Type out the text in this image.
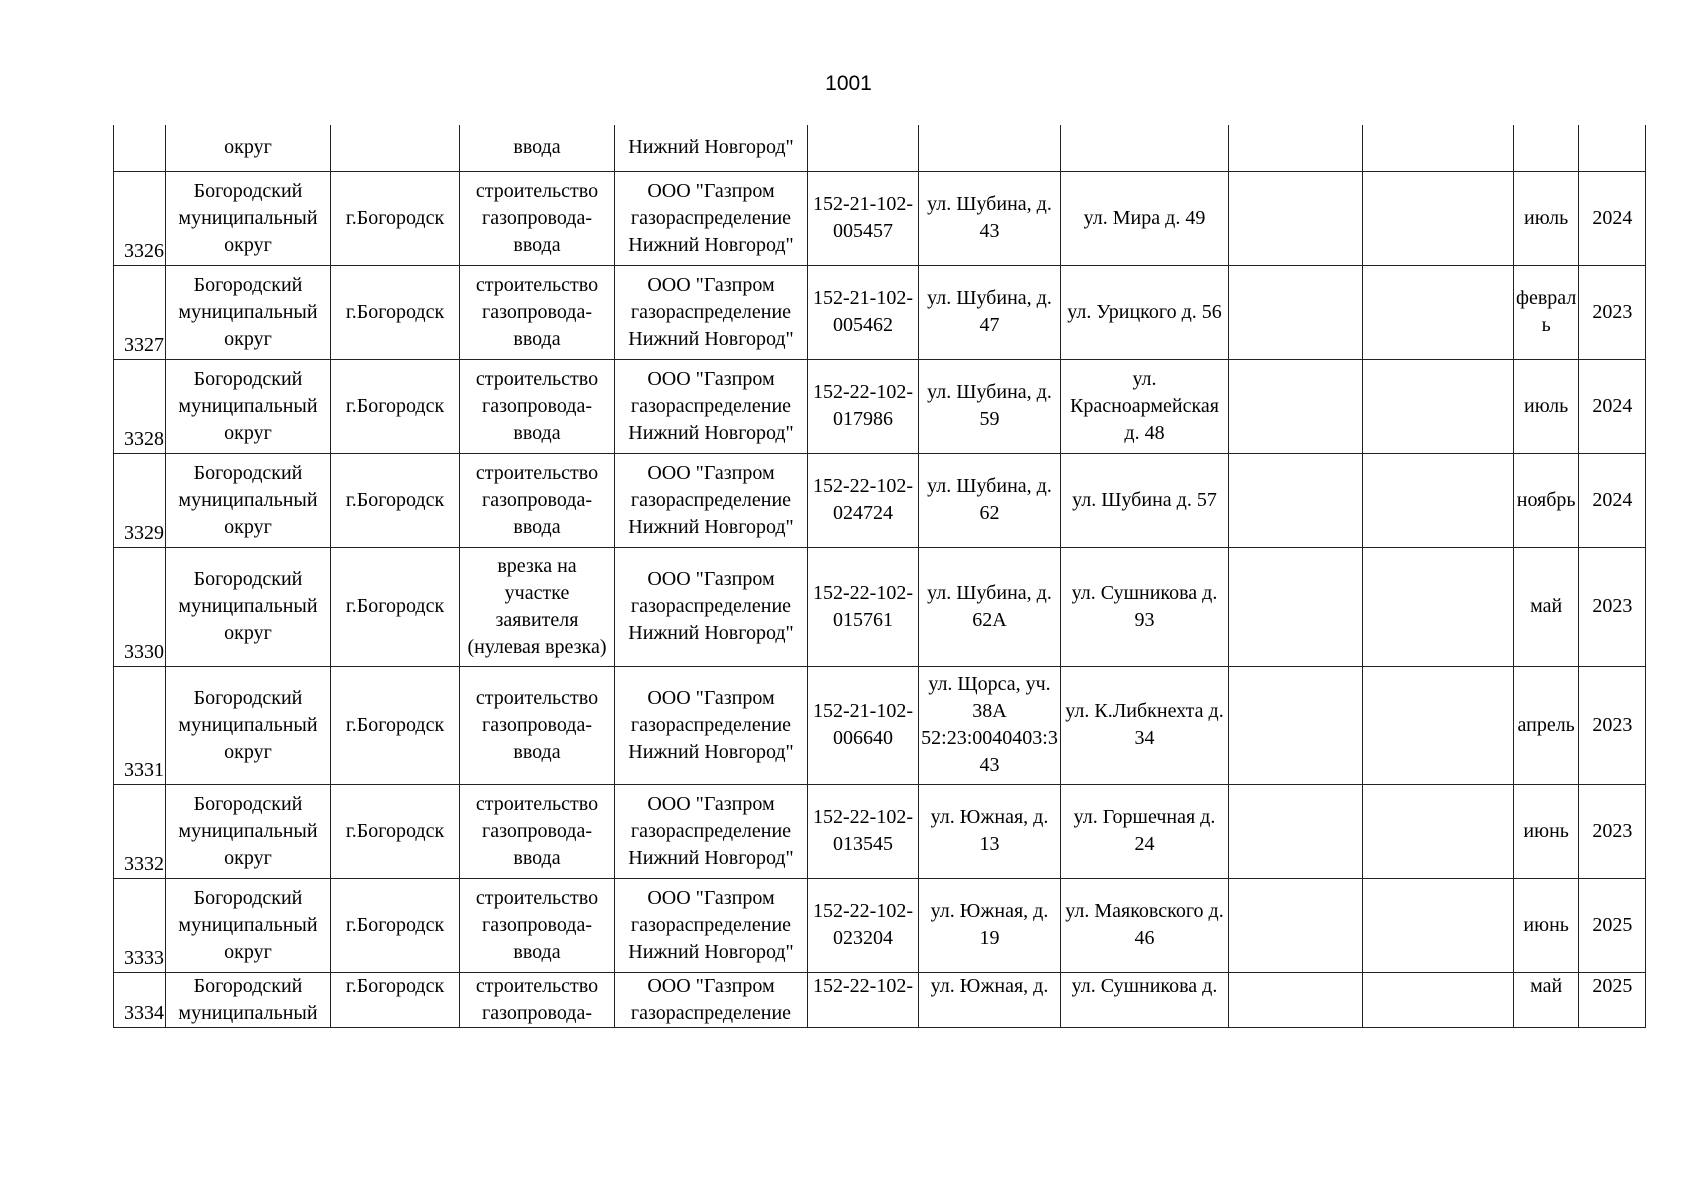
1001

	округ		ввода	Нижний Новгород"							

3326	Богородский
муниципальный
округ	г.Богородск	строительство
газопровода-
ввода	ООО "Газпром
газораспределение
Нижний Новгород"	152-21-102-
005457	ул. Шубина, д.
43	ул. Мира д. 49			июль	2024
3327	Богородский
муниципальный
округ	г.Богородск	строительство
газопровода-
ввода	ООО "Газпром
газораспределение
Нижний Новгород"	152-21-102-
005462	ул. Шубина, д.
47	ул. Урицкого д. 56			феврал
ь	2023
3328	Богородский
муниципальный
округ	г.Богородск	строительство
газопровода-
ввода	ООО "Газпром
газораспределение
Нижний Новгород"	152-22-102-
017986	ул. Шубина, д.
59	ул.
Красноармейская
д. 48			июль	2024
3329	Богородский
муниципальный
округ	г.Богородск	строительство
газопровода-
ввода	ООО "Газпром
газораспределение
Нижний Новгород"	152-22-102-
024724	ул. Шубина, д.
62	ул. Шубина д. 57			ноябрь	2024
3330	Богородский
муниципальный
округ	г.Богородск	врезка на
участке
заявителя
(нулевая врезка)	ООО "Газпром
газораспределение
Нижний Новгород"	152-22-102-
015761	ул. Шубина, д.
62А	ул. Сушникова д.
93			май	2023
3331	Богородский
муниципальный
округ	г.Богородск	строительство
газопровода-
ввода	ООО "Газпром
газораспределение
Нижний Новгород"	152-21-102-
006640	ул. Щорса, уч.
38А
52:23:0040403:3
43	ул. К.Либкнехта д.
34			апрель	2023
3332	Богородский
муниципальный
округ	г.Богородск	строительство
газопровода-
ввода	ООО "Газпром
газораспределение
Нижний Новгород"	152-22-102-
013545	ул. Южная, д.
13	ул. Горшечная д.
24			июнь	2023
3333	Богородский
муниципальный
округ	г.Богородск	строительство
газопровода-
ввода	ООО "Газпром
газораспределение
Нижний Новгород"	152-22-102-
023204	ул. Южная, д.
19	ул. Маяковского д.
46			июнь	2025
3334	Богородский
муниципальный	г.Богородск	строительство
газопровода-	ООО "Газпром
газораспределение	152-22-102-	ул. Южная, д.	ул. Сушникова д.			май	2025
